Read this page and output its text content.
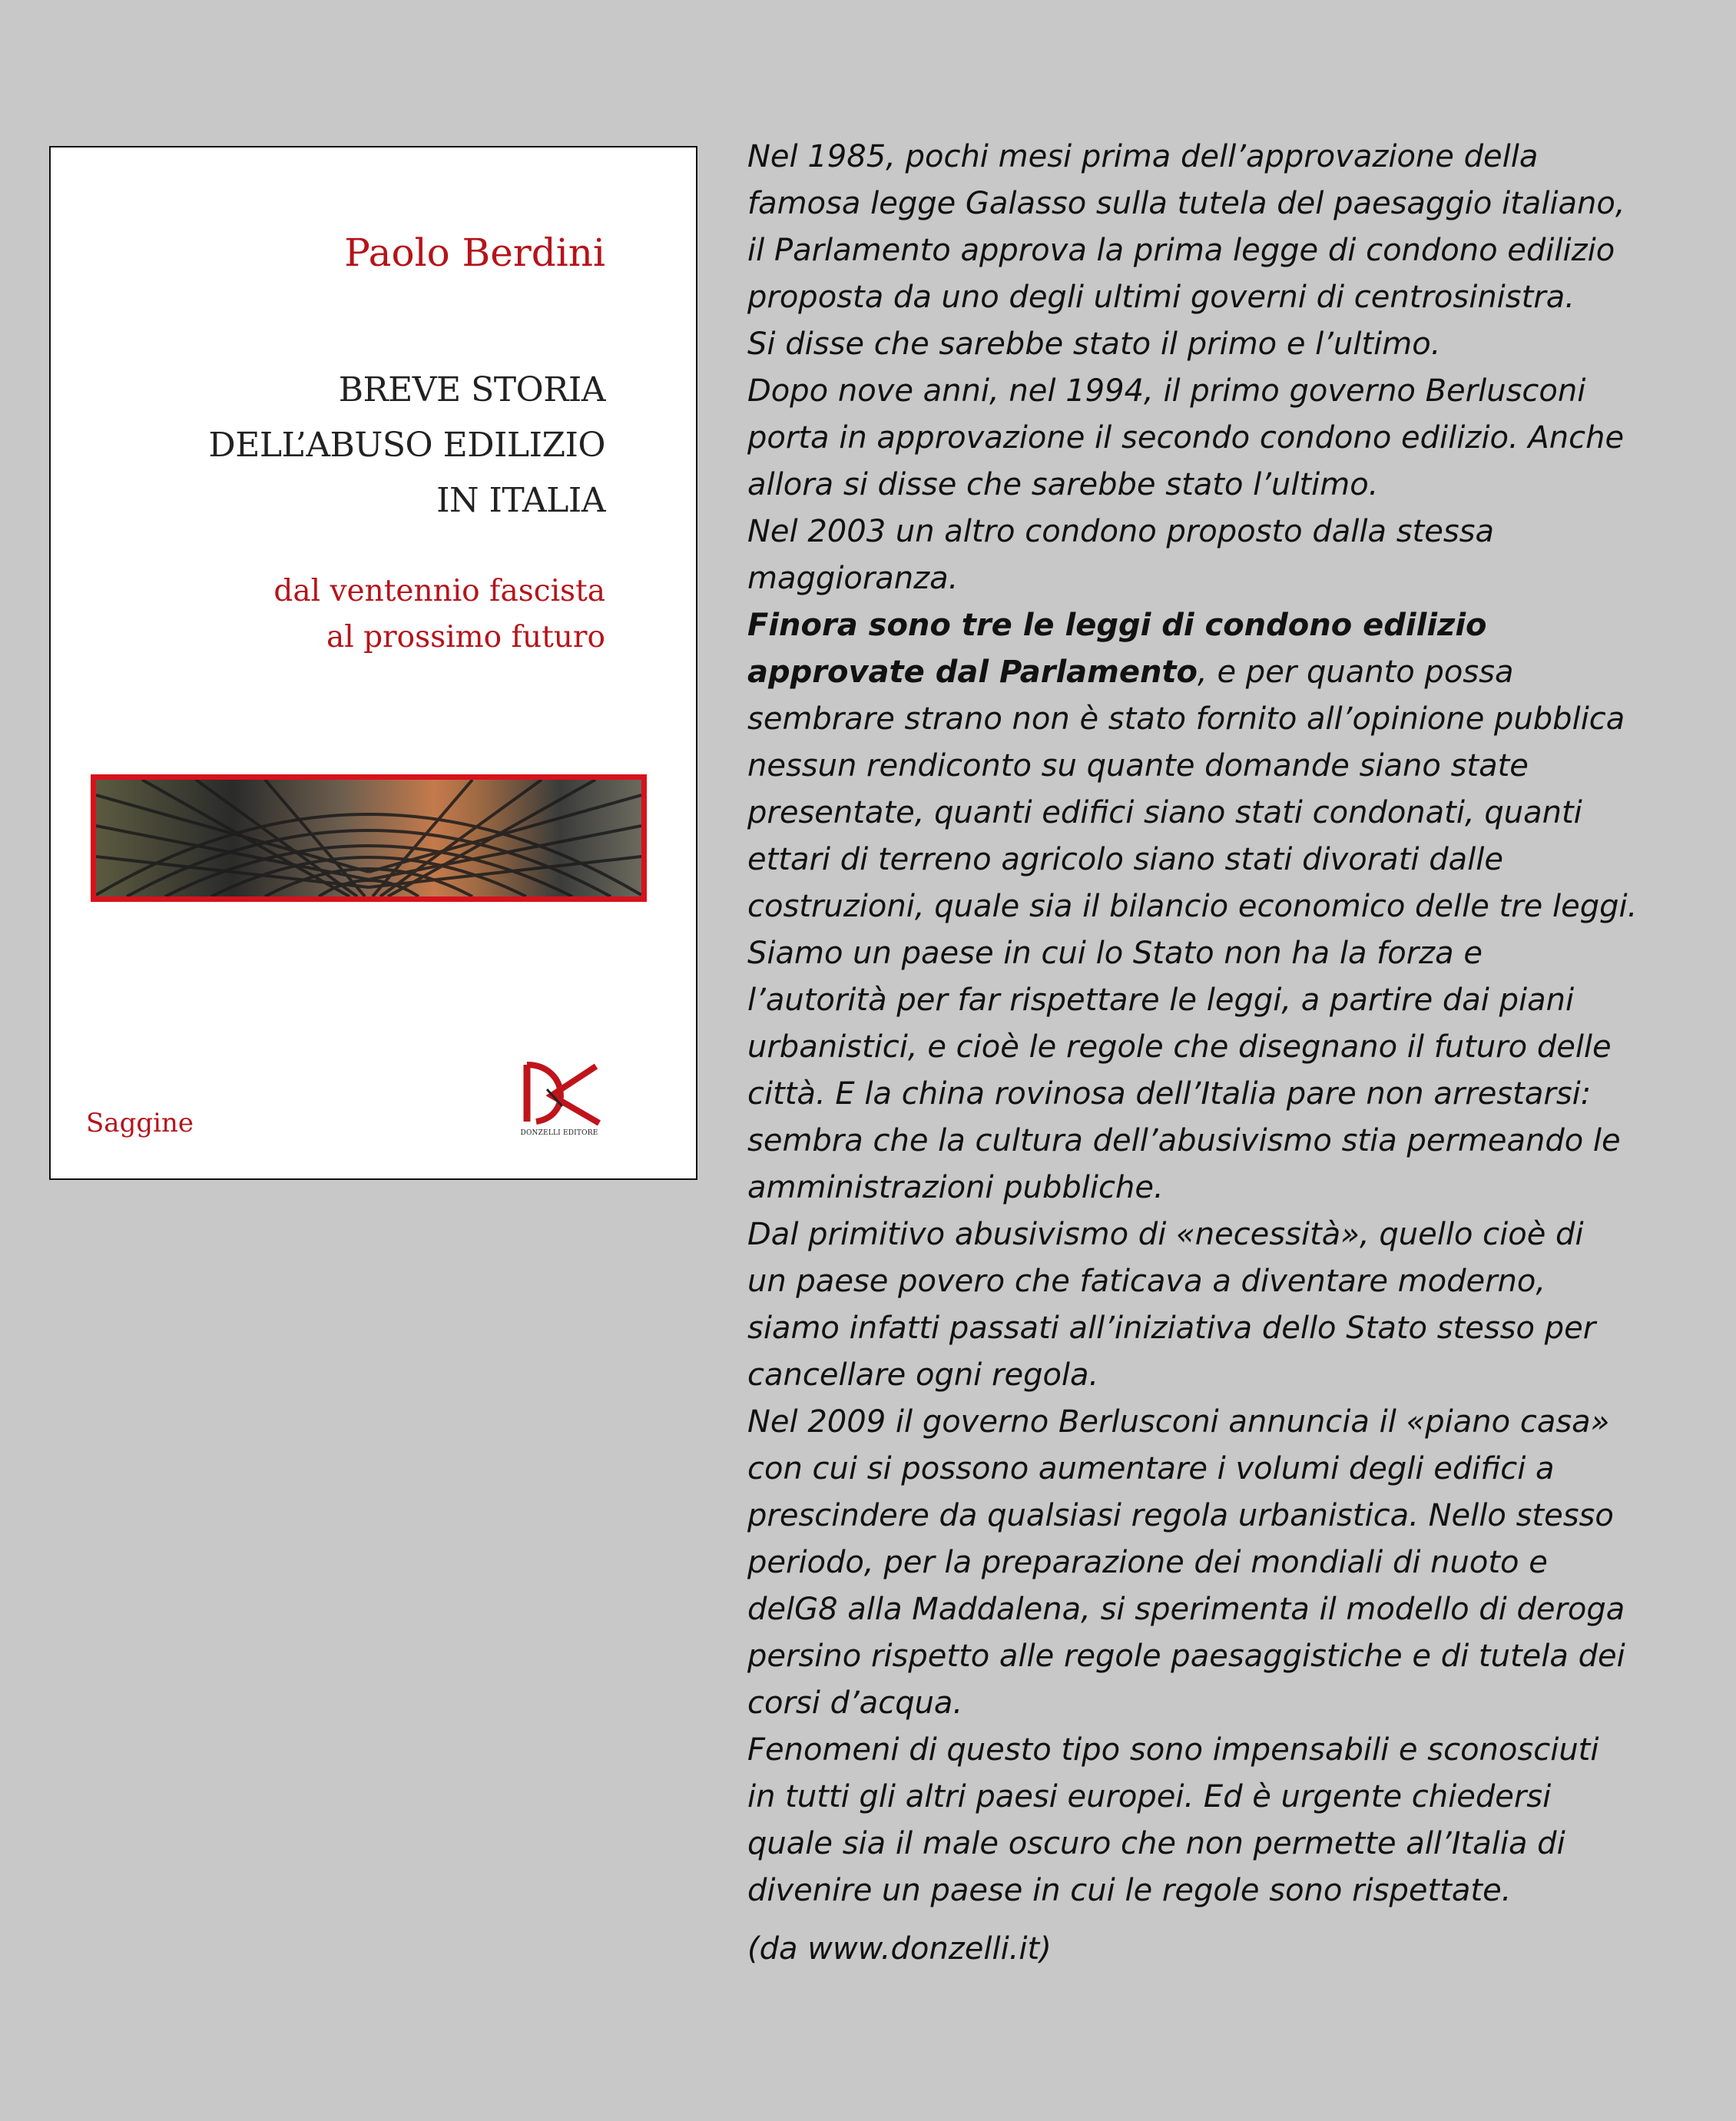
Paolo Berdini
BREVE STORIA
DELL’ABUSO EDILIZIO
IN ITALIA
dal ventennio fascista
al prossimo futuro
Saggine	DONZELLI EDITORE
Nel 1985, pochi mesi prima dell’approvazione della
famosa legge Galasso sulla tutela del paesaggio italiano,
il Parlamento approva la prima legge di condono edilizio
proposta da uno degli ultimi governi di centrosinistra.
Si disse che sarebbe stato il primo e l’ultimo.
Dopo nove anni, nel 1994, il primo governo Berlusconi
porta in approvazione il secondo condono edilizio. Anche
allora si disse che sarebbe stato l’ultimo.
Nel 2003 un altro condono proposto dalla stessa
maggioranza.
Finora sono tre le leggi di condono edilizio
approvate dal Parlamento, e per quanto possa
sembrare strano non è stato fornito all’opinione pubblica
nessun rendiconto su quante domande siano state
presentate, quanti edifici siano stati condonati, quanti
ettari di terreno agricolo siano stati divorati dalle
costruzioni, quale sia il bilancio economico delle tre leggi.
Siamo un paese in cui lo Stato non ha la forza e
l’autorità per far rispettare le leggi, a partire dai piani
urbanistici, e cioè le regole che disegnano il futuro delle
città. E la china rovinosa dell’Italia pare non arrestarsi:
sembra che la cultura dell’abusivismo stia permeando le
amministrazioni pubbliche.
Dal primitivo abusivismo di «necessità», quello cioè di
un paese povero che faticava a diventare moderno,
siamo infatti passati all’iniziativa dello Stato stesso per
cancellare ogni regola.
Nel 2009 il governo Berlusconi annuncia il «piano casa»
con cui si possono aumentare i volumi degli edifici a
prescindere da qualsiasi regola urbanistica. Nello stesso
periodo, per la preparazione dei mondiali di nuoto e
delG8 alla Maddalena, si sperimenta il modello di deroga
persino rispetto alle regole paesaggistiche e di tutela dei
corsi d’acqua.
Fenomeni di questo tipo sono impensabili e sconosciuti
in tutti gli altri paesi europei. Ed è urgente chiedersi
quale sia il male oscuro che non permette all’Italia di
divenire un paese in cui le regole sono rispettate.
(da www.donzelli.it)
